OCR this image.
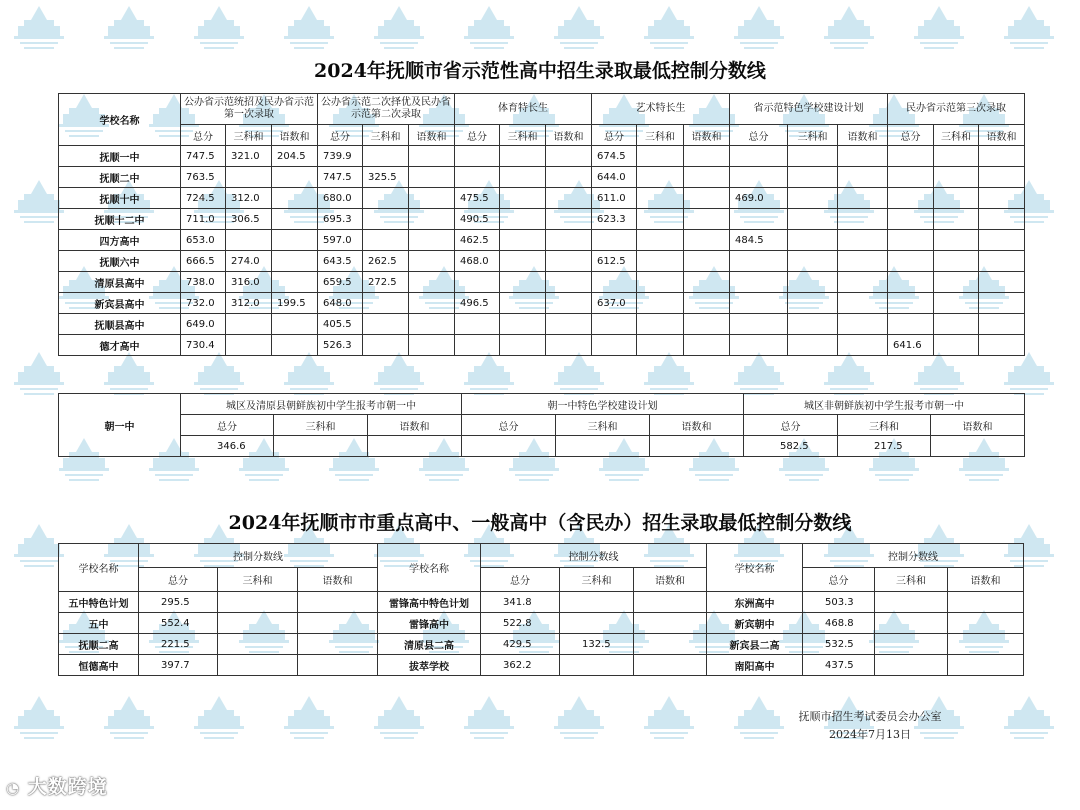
2024年抚顺市省示范性高中招生录取最低控制分数线
学校名称	公办省示范统招及民办省示范第一次录取			公办省示范二次择优及民办省示范第二次录取			体育特长生			艺术特长生			省示范特色学校建设计划			民办省示范第三次录取		
	总分	三科和	语数和	总分	三科和	语数和	总分	三科和	语数和	总分	三科和	语数和	总分	三科和	语数和	总分	三科和	语数和
抚顺一中	747.5	321.0	204.5	739.9						674.5								
抚顺二中	763.5			747.5	325.5					644.0								
抚顺十中	724.5	312.0		680.0			475.5			611.0			469.0					
抚顺十二中	711.0	306.5		695.3			490.5			623.3								
四方高中	653.0			597.0			462.5						484.5					
抚顺六中	666.5	274.0		643.5	262.5		468.0			612.5								
清原县高中	738.0	316.0		659.5	272.5													
新宾县高中	732.0	312.0	199.5	648.0			496.5			637.0								
抚顺县高中	649.0			405.5														
德才高中	730.4			526.3												641.6		
朝一中	城区及清原县朝鲜族初中学生报考市朝一中			朝一中特色学校建设计划			城区非朝鲜族初中学生报考市朝一中		
	总分	三科和	语数和	总分	三科和	语数和	总分	三科和	语数和
	346.6						582.5	217.5	
2024年抚顺市市重点高中、一般高中（含民办）招生录取最低控制分数线
学校名称	控制分数线			学校名称	控制分数线			学校名称	控制分数线		
	总分	三科和	语数和		总分	三科和	语数和		总分	三科和	语数和
五中特色计划	295.5			雷锋高中特色计划	341.8			东洲高中	503.3		
五中	552.4			雷锋高中	522.8			新宾朝中	468.8		
抚顺二高	221.5			清原县二高	429.5	132.5		新宾县二高	532.5		
恒德高中	397.7			拔萃学校	362.2			南阳高中	437.5		
抚顺市招生考试委员会办公室
2024年7月13日
◔ 大数跨境
